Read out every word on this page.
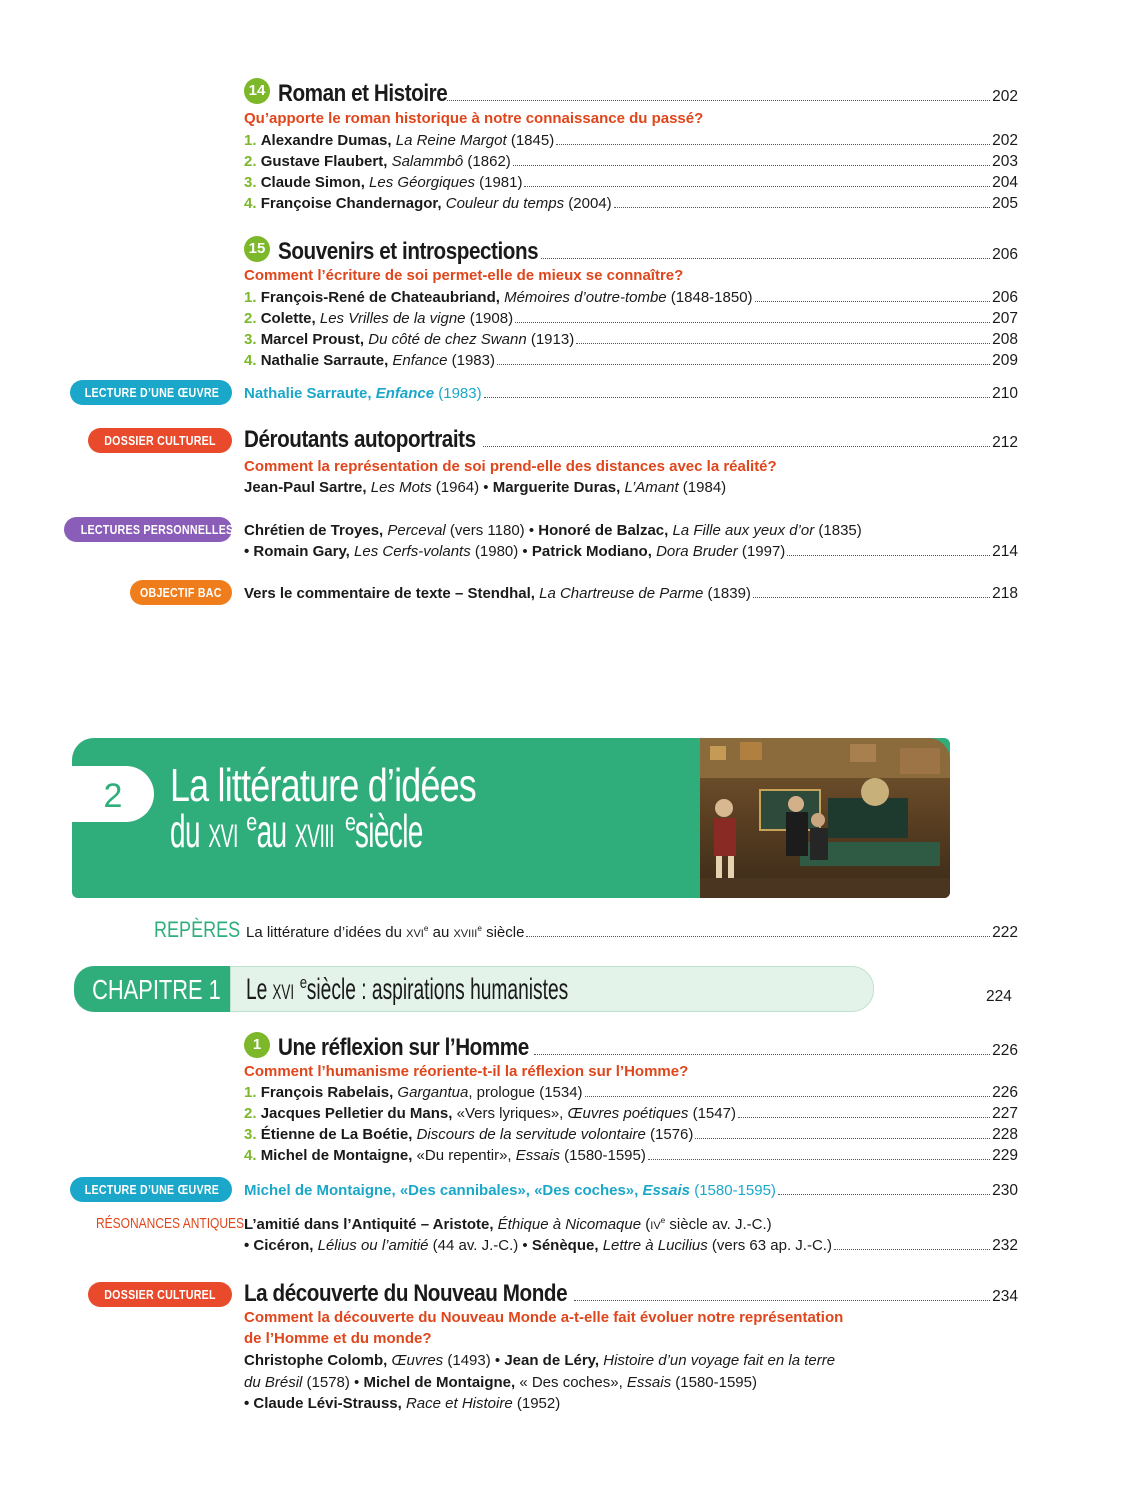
14 Roman et Histoire	202
Qu’apporte le roman historique à notre connaissance du passé?
1. Alexandre Dumas, La Reine Margot (1845)	202
2. Gustave Flaubert, Salammbô (1862)	203
3. Claude Simon, Les Géorgiques (1981)	204
4. Françoise Chandernagor, Couleur du temps (2004)	205
15 Souvenirs et introspections	206
Comment l’écriture de soi permet-elle de mieux se connaître?
1. François-René de Chateaubriand, Mémoires d’outre-tombe (1848-1850)	206
2. Colette, Les Vrilles de la vigne (1908)	207
3. Marcel Proust, Du côté de chez Swann (1913)	208
4. Nathalie Sarraute, Enfance (1983)	209
LECTURE D’UNE ŒUVRE	Nathalie Sarraute, Enfance (1983)	210
DOSSIER CULTUREL	Déroutants autoportraits	212
Comment la représentation de soi prend-elle des distances avec la réalité?
Jean-Paul Sartre, Les Mots (1964) • Marguerite Duras, L’Amant (1984)
LECTURES PERSONNELLES Chrétien de Troyes, Perceval (vers 1180) • Honoré de Balzac, La Fille aux yeux d’or (1835)
• Romain Gary, Les Cerfs-volants (1980) • Patrick Modiano, Dora Bruder (1997)	214
OBJECTIF BAC	Vers le commentaire de texte – Stendhal, La Chartreuse de Parme (1839)	218
2	La littérature d’idées
duxvi $^e$auxviii $^e$siècle
REPÈRES La littérature d’idées du xvi$^e$ au xviii$^e$ siècle	222
CHAPITRE 1 Lexvi $^e$siècle : aspirations humanistes	224
1 Une réflexion sur l’Homme	226
Comment l’humanisme réoriente-t-il la réflexion sur l’Homme?
1. François Rabelais, Gargantua, prologue (1534)	226
2. Jacques Pelletier du Mans, «Vers lyriques», Œuvres poétiques (1547)	227
3. Étienne de La Boétie, Discours de la servitude volontaire (1576)	228
4. Michel de Montaigne, «Du repentir», Essais (1580-1595)	229
LECTURE D’UNE ŒUVRE	Michel de Montaigne, «Des cannibales», «Des coches», Essais (1580-1595)	230
RÉSONANCES ANTIQUES L’amitié dans l’Antiquité – Aristote, Éthique à Nicomaque ($iv^e$ siècle av. J.-C.)
• Cicéron, Lélius ou l’amitié (44 av. J.-C.) • Sénèque, Lettre à Lucilius (vers 63 ap. J.-C.)	232
DOSSIER CULTUREL	La découverte du Nouveau Monde	234
Comment la découverte du Nouveau Monde a-t-elle fait évoluer notre représentation
de l’Homme et du monde?
Christophe Colomb, Œuvres (1493) • Jean de Léry, Histoire d’un voyage fait en la terre
du Brésil (1578) • Michel de Montaigne, « Des coches», Essais (1580-1595)
• Claude Lévi-Strauss, Race et Histoire (1952)
